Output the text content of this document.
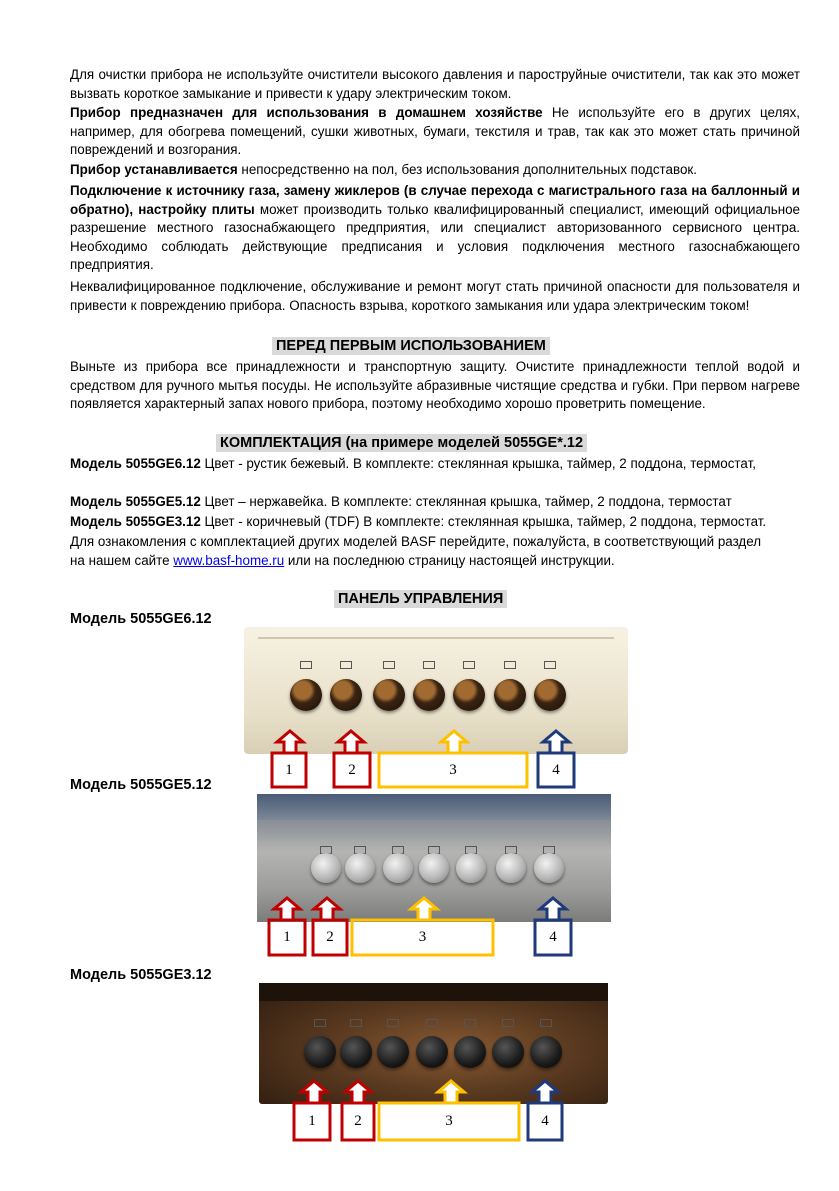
Для очистки прибора не используйте очистители высокого давления и пароструйные очистители, так как это может вызвать короткое замыкание и привести к удару электрическим током.

Прибор предназначен для использования в домашнем хозяйстве Не используйте его в других целях, например, для обогрева помещений, сушки животных, бумаги, текстиля и трав, так как это может стать причиной повреждений и возгорания.

Прибор устанавливается непосредственно на пол, без использования дополнительных подставок.

Подключение к источнику газа, замену жиклеров (в случае перехода с магистрального газа на баллонный и обратно), настройку плиты может производить только квалифицированный специалист, имеющий официальное разрешение местного газоснабжающего предприятия, или специалист авторизованного сервисного центра. Необходимо соблюдать действующие предписания и условия подключения местного газоснабжающего предприятия.

Неквалифицированное подключение, обслуживание и ремонт могут стать причиной опасности для пользователя и привести к повреждению прибора. Опасность взрыва, короткого замыкания или удара электрическим током!

ПЕРЕД ПЕРВЫМ ИСПОЛЬЗОВАНИЕМ

Выньте из прибора все принадлежности и транспортную защиту. Очистите принадлежности теплой водой и средством для ручного мытья посуды. Не используйте абразивные чистящие средства и губки. При первом нагреве появляется характерный запах нового прибора, поэтому необходимо хорошо проветрить помещение.

КОМПЛЕКТАЦИЯ (на примере моделей 5055GE*.12
Модель 5055GE6.12 Цвет - рустик бежевый. В комплекте: стеклянная крышка, таймер, 2 поддона, термостат,
Модель 5055GE5.12 Цвет – нержавейка. В комплекте: стеклянная крышка, таймер, 2 поддона, термостат
Модель 5055GE3.12 Цвет - коричневый (TDF) В комплекте: стеклянная крышка, таймер, 2 поддона, термостат.
Для ознакомления с комплектацией других моделей BASF перейдите, пожалуйста, в соответствующий раздел
на нашем сайте www.basf-home.ru или на последнюю страницу настоящей инструкции.
ПАНЕЛЬ УПРАВЛЕНИЯ
Модель 5055GE6.12
Модель 5055GE5.12
Модель 5055GE3.12
1	2	3	4
1	2	3	4
1	2	3	4
